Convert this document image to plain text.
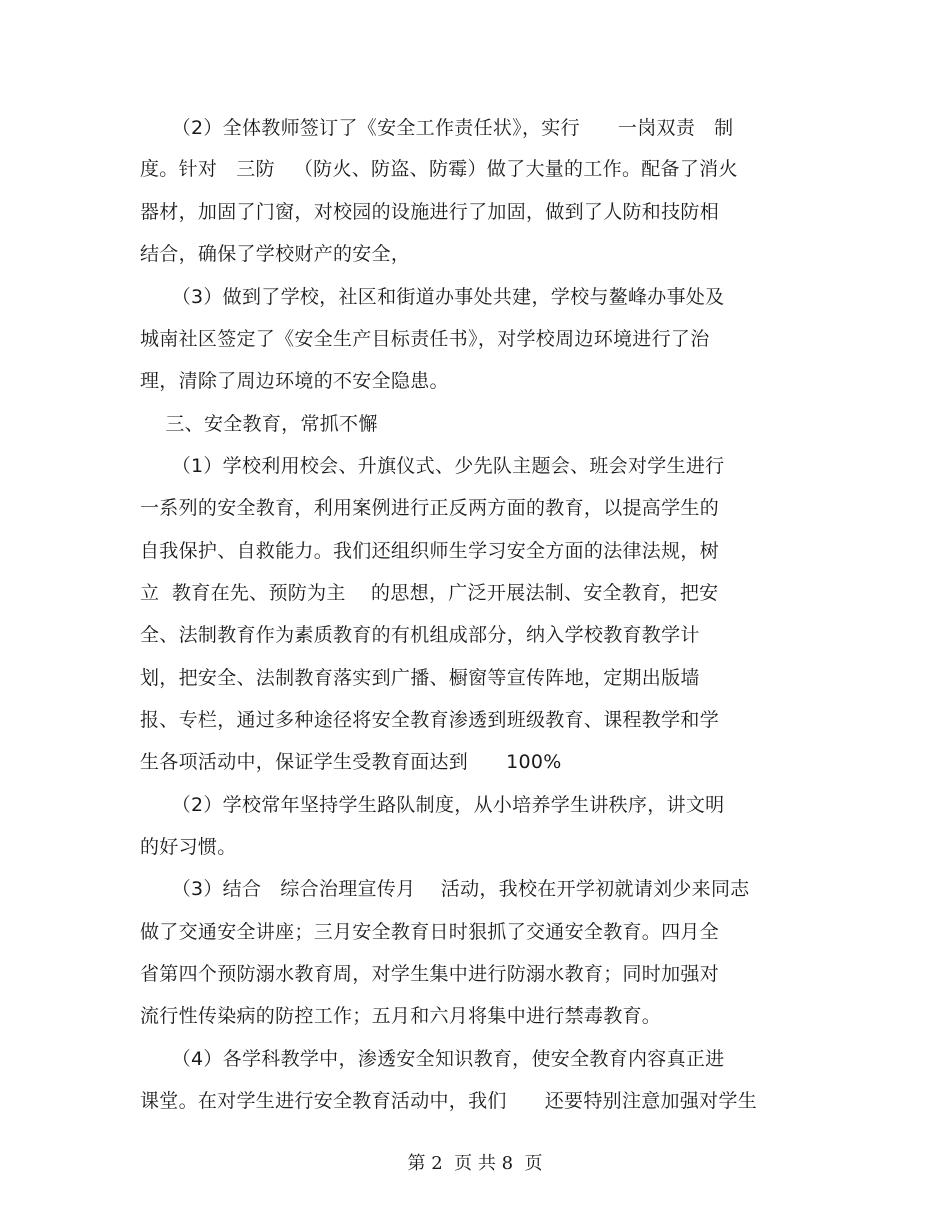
（2）全体教师签订了《安全工作责任状》，实行      一岗双责   制
度。针对   三防   （防火、防盗、防霉）做了大量的工作。配备了消火
器材，加固了门窗，对校园的设施进行了加固，做到了人防和技防相
结合，确保了学校财产的安全，
（3）做到了学校，社区和街道办事处共建，学校与鳌峰办事处及
城南社区签定了《安全生产目标责任书》，对学校周边环境进行了治
理，清除了周边环境的不安全隐患。
三、安全教育，常抓不懈
（1）学校利用校会、升旗仪式、少先队主题会、班会对学生进行
一系列的安全教育，利用案例进行正反两方面的教育，以提高学生的
自我保护、自救能力。我们还组织师生学习安全方面的法律法规，树
立  教育在先、预防为主    的思想，广泛开展法制、安全教育，把安
全、法制教育作为素质教育的有机组成部分，纳入学校教育教学计
划，把安全、法制教育落实到广播、橱窗等宣传阵地，定期出版墙
报、专栏，通过多种途径将安全教育渗透到班级教育、课程教学和学
生各项活动中，保证学生受教育面达到      100%
（2）学校常年坚持学生路队制度，从小培养学生讲秩序，讲文明
的好习惯。
（3）结合   综合治理宣传月    活动，我校在开学初就请刘少来同志
做了交通安全讲座；三月安全教育日时狠抓了交通安全教育。四月全
省第四个预防溺水教育周，对学生集中进行防溺水教育；同时加强对
流行性传染病的防控工作；五月和六月将集中进行禁毒教育。
（4）各学科教学中，渗透安全知识教育，使安全教育内容真正进
课堂。在对学生进行安全教育活动中，我们      还要特别注意加强对学生
第 2  页 共 8  页
